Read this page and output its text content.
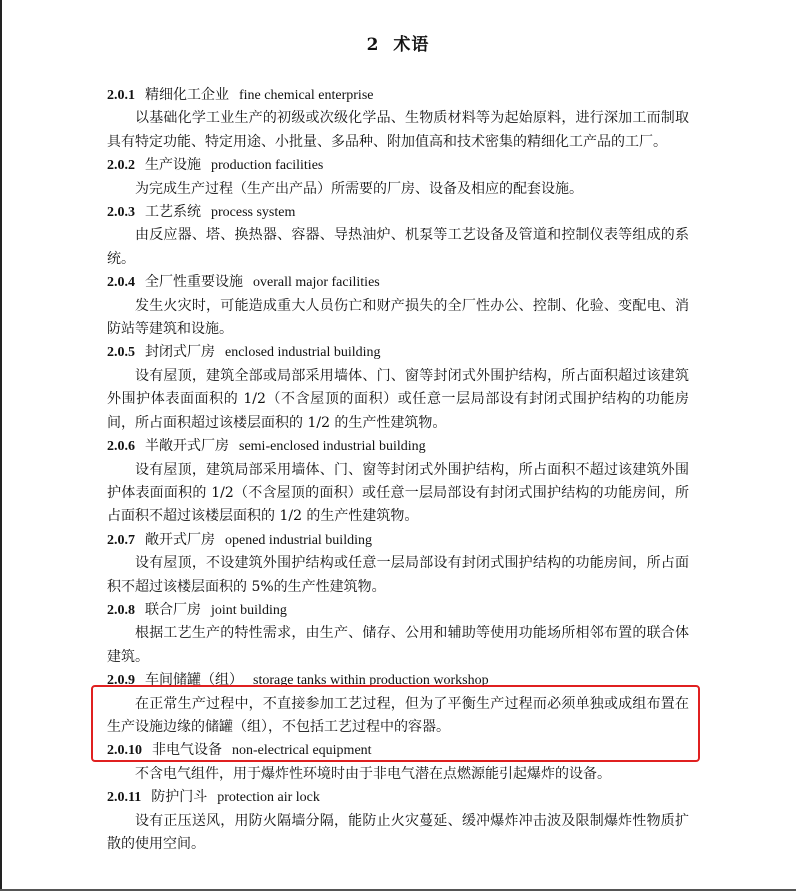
2 术语
2.0.1 精细化工企业 fine chemical enterprise

以基础化学工业生产的初级或次级化学品、生物质材料等为起始原料，进行深加工而制取具有特定功能、特定用途、小批量、多品种、附加值高和技术密集的精细化工产品的工厂。

2.0.2 生产设施 production facilities

为完成生产过程（生产出产品）所需要的厂房、设备及相应的配套设施。

2.0.3 工艺系统 process system

由反应器、塔、换热器、容器、导热油炉、机泵等工艺设备及管道和控制仪表等组成的系统。

2.0.4 全厂性重要设施 overall major facilities

发生火灾时，可能造成重大人员伤亡和财产损失的全厂性办公、控制、化验、变配电、消防站等建筑和设施。

2.0.5 封闭式厂房 enclosed industrial building

设有屋顶，建筑全部或局部采用墙体、门、窗等封闭式外围护结构，所占面积超过该建筑外围护体表面面积的 1/2（不含屋顶的面积）或任意一层局部设有封闭式围护结构的功能房间，所占面积超过该楼层面积的 1/2 的生产性建筑物。

2.0.6 半敞开式厂房 semi-enclosed industrial building

设有屋顶，建筑局部采用墙体、门、窗等封闭式外围护结构，所占面积不超过该建筑外围护体表面面积的 1/2（不含屋顶的面积）或任意一层局部设有封闭式围护结构的功能房间，所占面积不超过该楼层面积的 1/2 的生产性建筑物。

2.0.7 敞开式厂房 opened industrial building

设有屋顶，不设建筑外围护结构或任意一层局部设有封闭式围护结构的功能房间，所占面积不超过该楼层面积的 5%的生产性建筑物。

2.0.8 联合厂房 joint building

根据工艺生产的特性需求，由生产、储存、公用和辅助等使用功能场所相邻布置的联合体建筑。

2.0.9 车间储罐（组） storage tanks within production workshop

在正常生产过程中，不直接参加工艺过程，但为了平衡生产过程而必须单独或成组布置在生产设施边缘的储罐（组），不包括工艺过程中的容器。

2.0.10 非电气设备 non-electrical equipment

不含电气组件，用于爆炸性环境时由于非电气潜在点燃源能引起爆炸的设备。

2.0.11 防护门斗 protection air lock

设有正压送风，用防火隔墙分隔，能防止火灾蔓延、缓冲爆炸冲击波及限制爆炸性物质扩散的使用空间。
